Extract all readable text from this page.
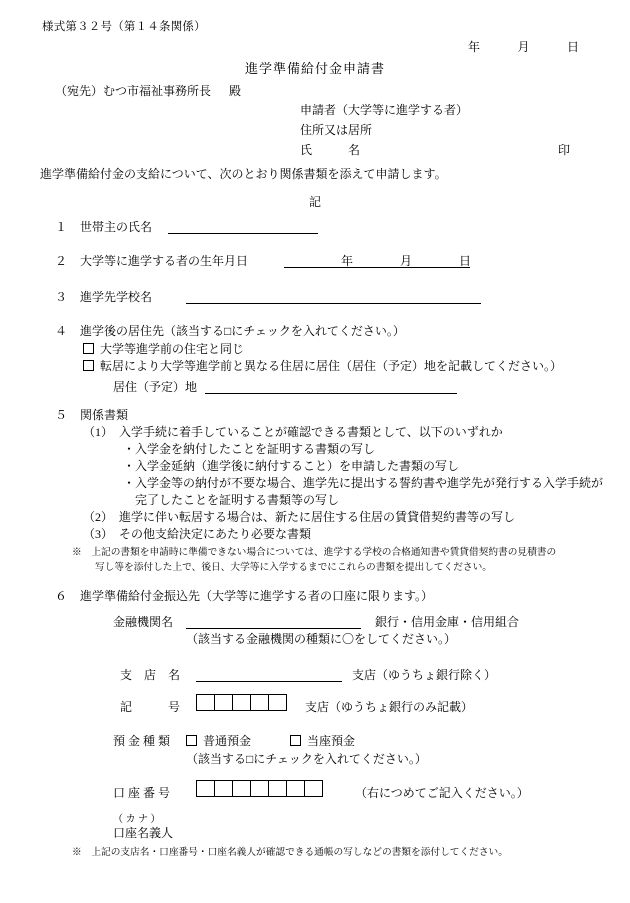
様式第３２号（第１４条関係）
年	月	日
進学準備給付金申請書
（宛先）むつ市福祉事務所長 殿
申請者（大学等に進学する者）
住所又は居所
氏　　　名	印
進学準備給付金の支給について、次のとおり関係書類を添えて申請します。
記
１ 世帯主の氏名
２ 大学等に進学する者の生年月日	年	月	日
３ 進学先学校名
４ 進学後の居住先（該当する□にチェックを入れてください。）
大学等進学前の住宅と同じ
転居により大学等進学前と異なる住居に居住（居住（予定）地を記載してください。）
居住（予定）地
５ 関係書類
（1）　入学手続に着手していることが確認できる書類として、以下のいずれか
・入学金を納付したことを証明する書類の写し
・入学金延納（進学後に納付すること）を申請した書類の写し
・入学金等の納付が不要な場合、進学先に提出する誓約書や進学先が発行する入学手続が
完了したことを証明する書類等の写し
（2）　進学に伴い転居する場合は、新たに居住する住居の賃貸借契約書等の写し
（3）　その他支給決定にあたり必要な書類
※　上記の書類を申請時に準備できない場合については、進学する学校の合格通知書や賃貸借契約書の見積書の
写し等を添付した上で、後日、大学等に入学するまでにこれらの書類を提出してください。
６ 進学準備給付金振込先（大学等に進学する者の口座に限ります。）
金融機関名	銀行・信用金庫・信用組合
（該当する金融機関の種類に〇をしてください。）
支　店　名	支店（ゆうちょ銀行除く）
記　　　号	支店（ゆうちょ銀行のみ記載）
預 金 種 類	普通預金	当座預金
（該当する□にチェックを入れてください。）
口 座 番 号	（右につめてご記入ください。）
（ カ ナ ）
口座名義人
※　上記の支店名・口座番号・口座名義人が確認できる通帳の写しなどの書類を添付してください。
